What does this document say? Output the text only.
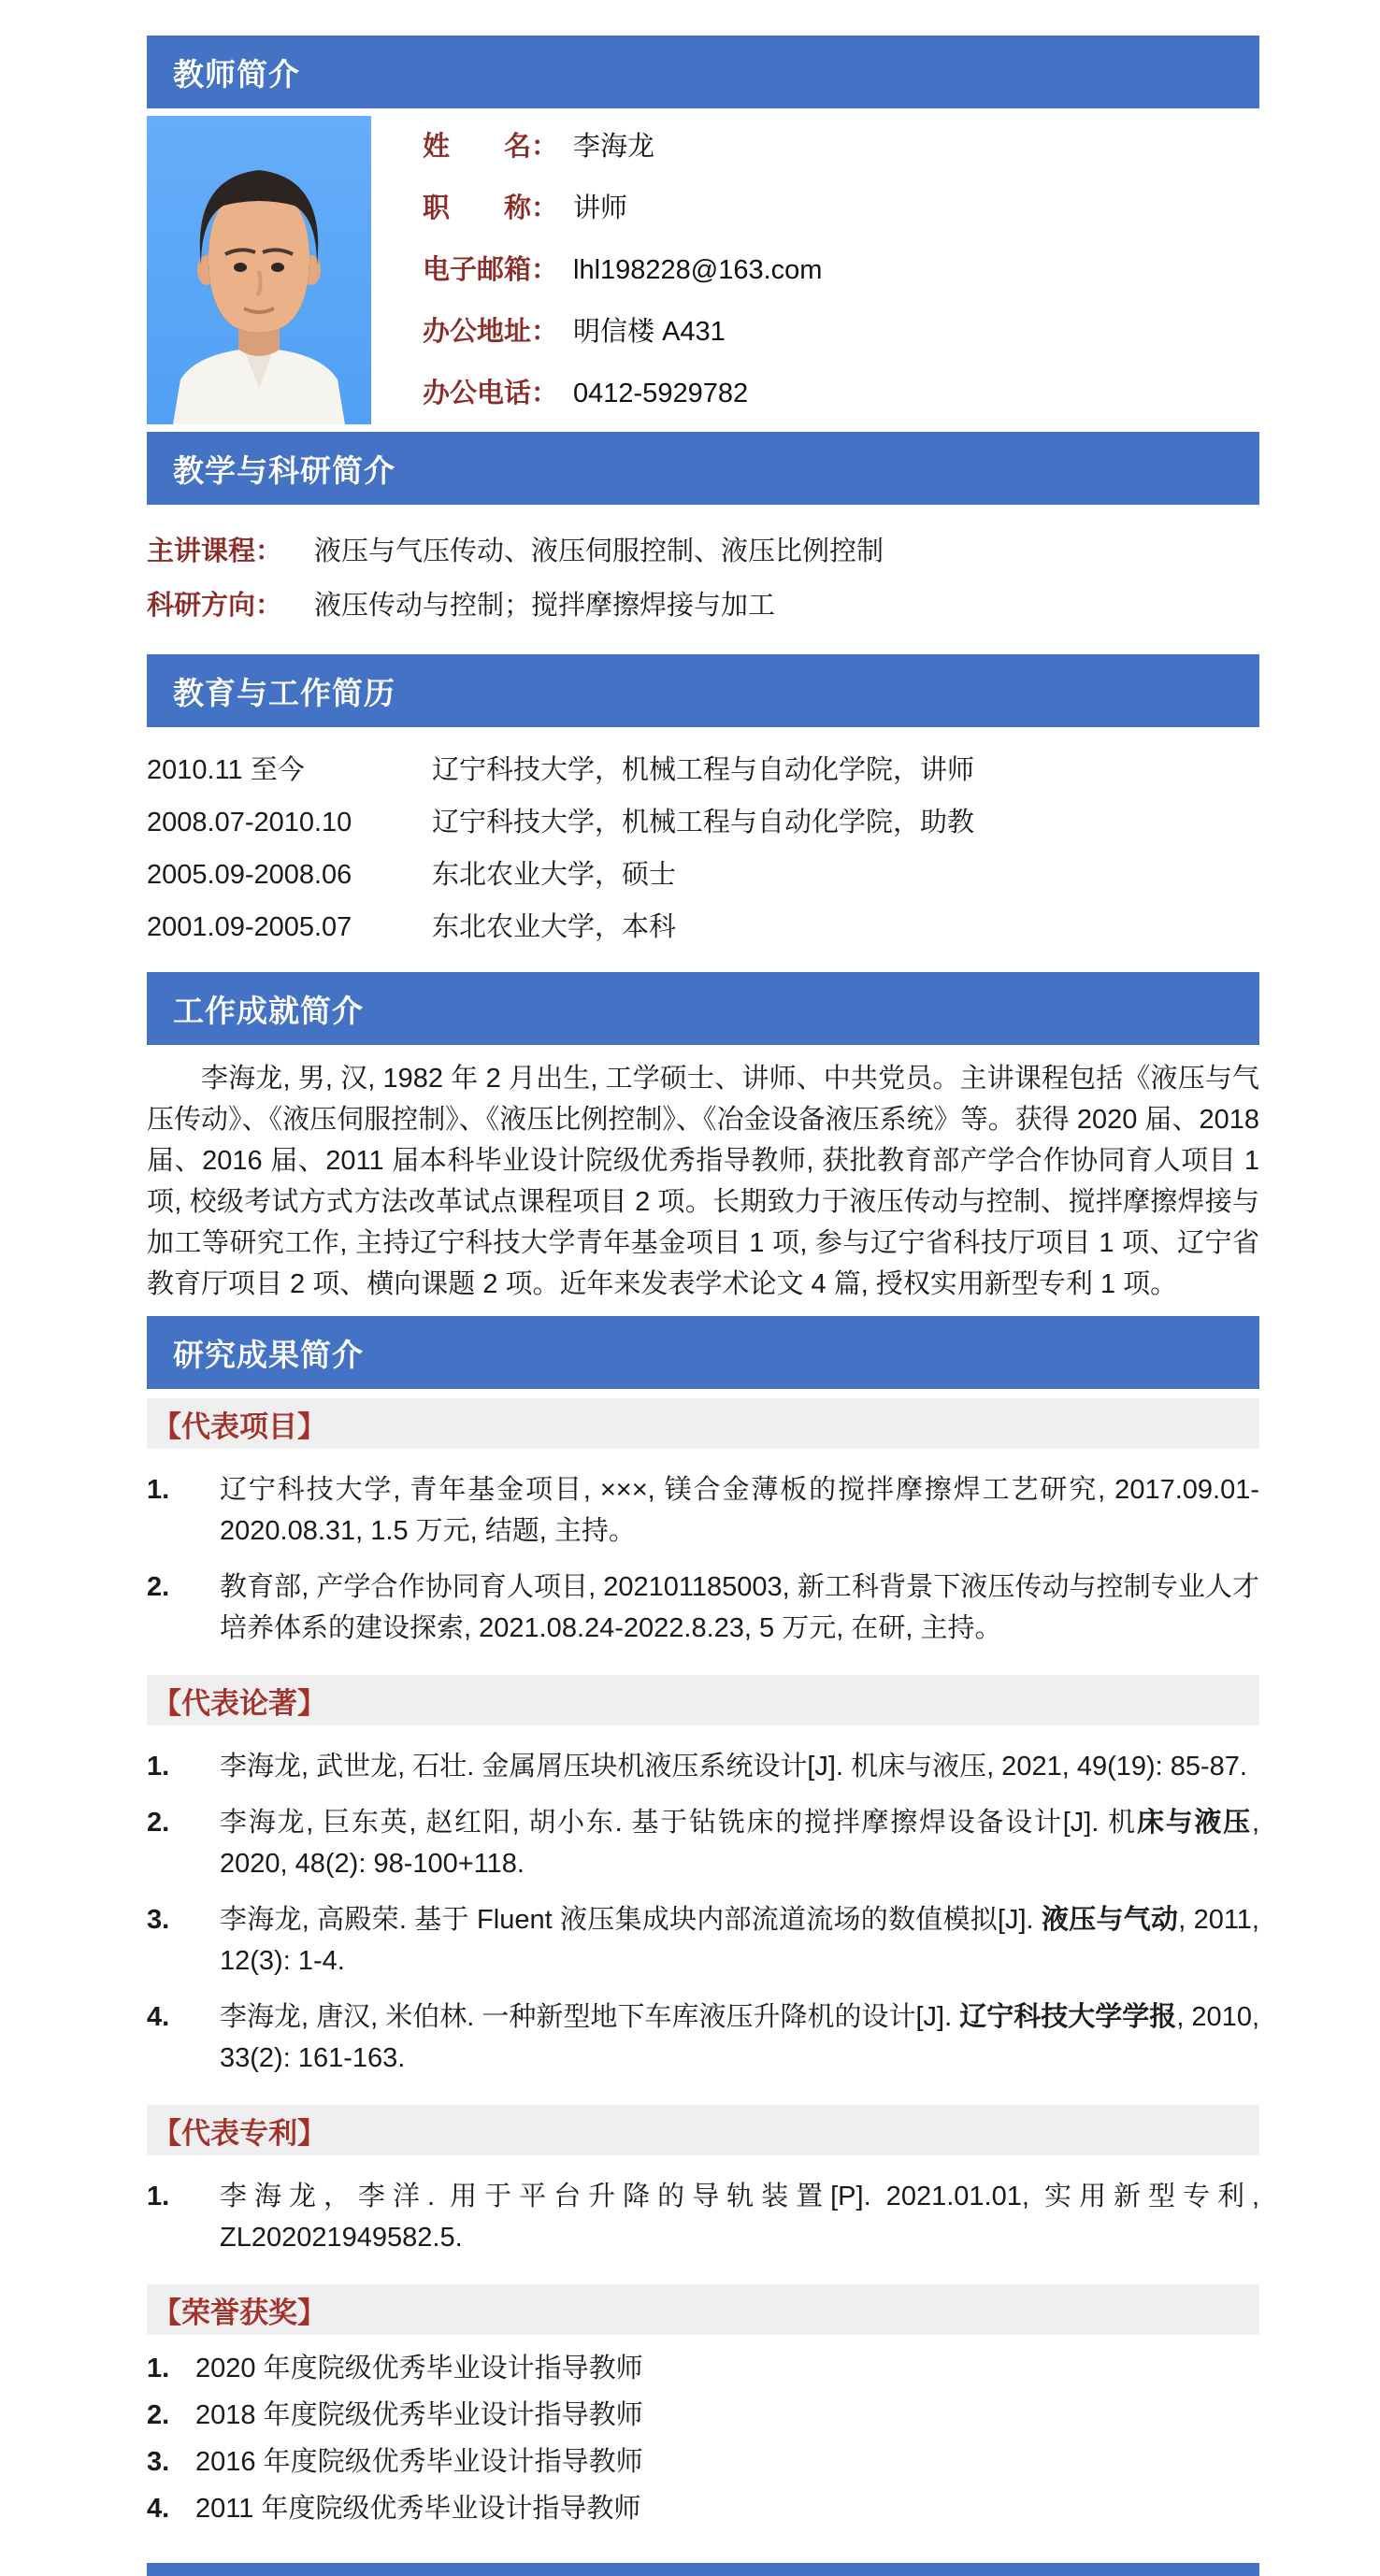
教师简介
姓　　名： 李海龙
职　　称： 讲师
电子邮箱： lhl198228@163.com
办公地址： 明信楼 A431
办公电话： 0412-5929782
教学与科研简介
主讲课程： 液压与气压传动、液压伺服控制、液压比例控制
科研方向： 液压传动与控制；搅拌摩擦焊接与加工
教育与工作简历
2010.11 至今	辽宁科技大学，机械工程与自动化学院，讲师
2008.07-2010.10	辽宁科技大学，机械工程与自动化学院，助教
2005.09-2008.06	东北农业大学，硕士
2001.09-2005.07	东北农业大学，本科
工作成就简介

李海龙, 男, 汉, 1982 年 2 月出生, 工学硕士、讲师、中共党员。主讲课程包括《液压与气压传动》、《液压伺服控制》、《液压比例控制》、《冶金设备液压系统》等。获得 2020 届、2018 届、2016 届、2011 届本科毕业设计院级优秀指导教师, 获批教育部产学合作协同育人项目 1 项, 校级考试方式方法改革试点课程项目 2 项。长期致力于液压传动与控制、搅拌摩擦焊接与加工等研究工作, 主持辽宁科技大学青年基金项目 1 项, 参与辽宁省科技厅项目 1 项、辽宁省教育厅项目 2 项、横向课题 2 项。近年来发表学术论文 4 篇, 授权实用新型专利 1 项。

研究成果简介
【代表项目】
1.	辽宁科技大学, 青年基金项目, ×××, 镁合金薄板的搅拌摩擦焊工艺研究, 2017.09.01-2020.08.31, 1.5 万元, 结题, 主持。
2.	教育部, 产学合作协同育人项目, 202101185003, 新工科背景下液压传动与控制专业人才培养体系的建设探索, 2021.08.24-2022.8.23, 5 万元, 在研, 主持。
【代表论著】
1.	李海龙, 武世龙, 石壮. 金属屑压块机液压系统设计[J]. 机床与液压, 2021, 49(19): 85-87.
2.	李海龙, 巨东英, 赵红阳, 胡小东. 基于钻铣床的搅拌摩擦焊设备设计[J]. 机床与液压, 2020, 48(2): 98-100+118.
3.	李海龙, 高殿荣. 基于 Fluent 液压集成块内部流道流场的数值模拟[J]. 液压与气动, 2011, 12(3): 1-4.
4.	李海龙, 唐汉, 米伯林. 一种新型地下车库液压升降机的设计[J]. 辽宁科技大学学报, 2010, 33(2): 161-163.
【代表专利】
1.	李海龙，李洋. 用于平台升降的导轨装置[P]. 2021.01.01, 实用新型专利, ZL202021949582.5.
【荣誉获奖】
1. 2020 年度院级优秀毕业设计指导教师
2. 2018 年度院级优秀毕业设计指导教师
3. 2016 年度院级优秀毕业设计指导教师
4. 2011 年度院级优秀毕业设计指导教师
